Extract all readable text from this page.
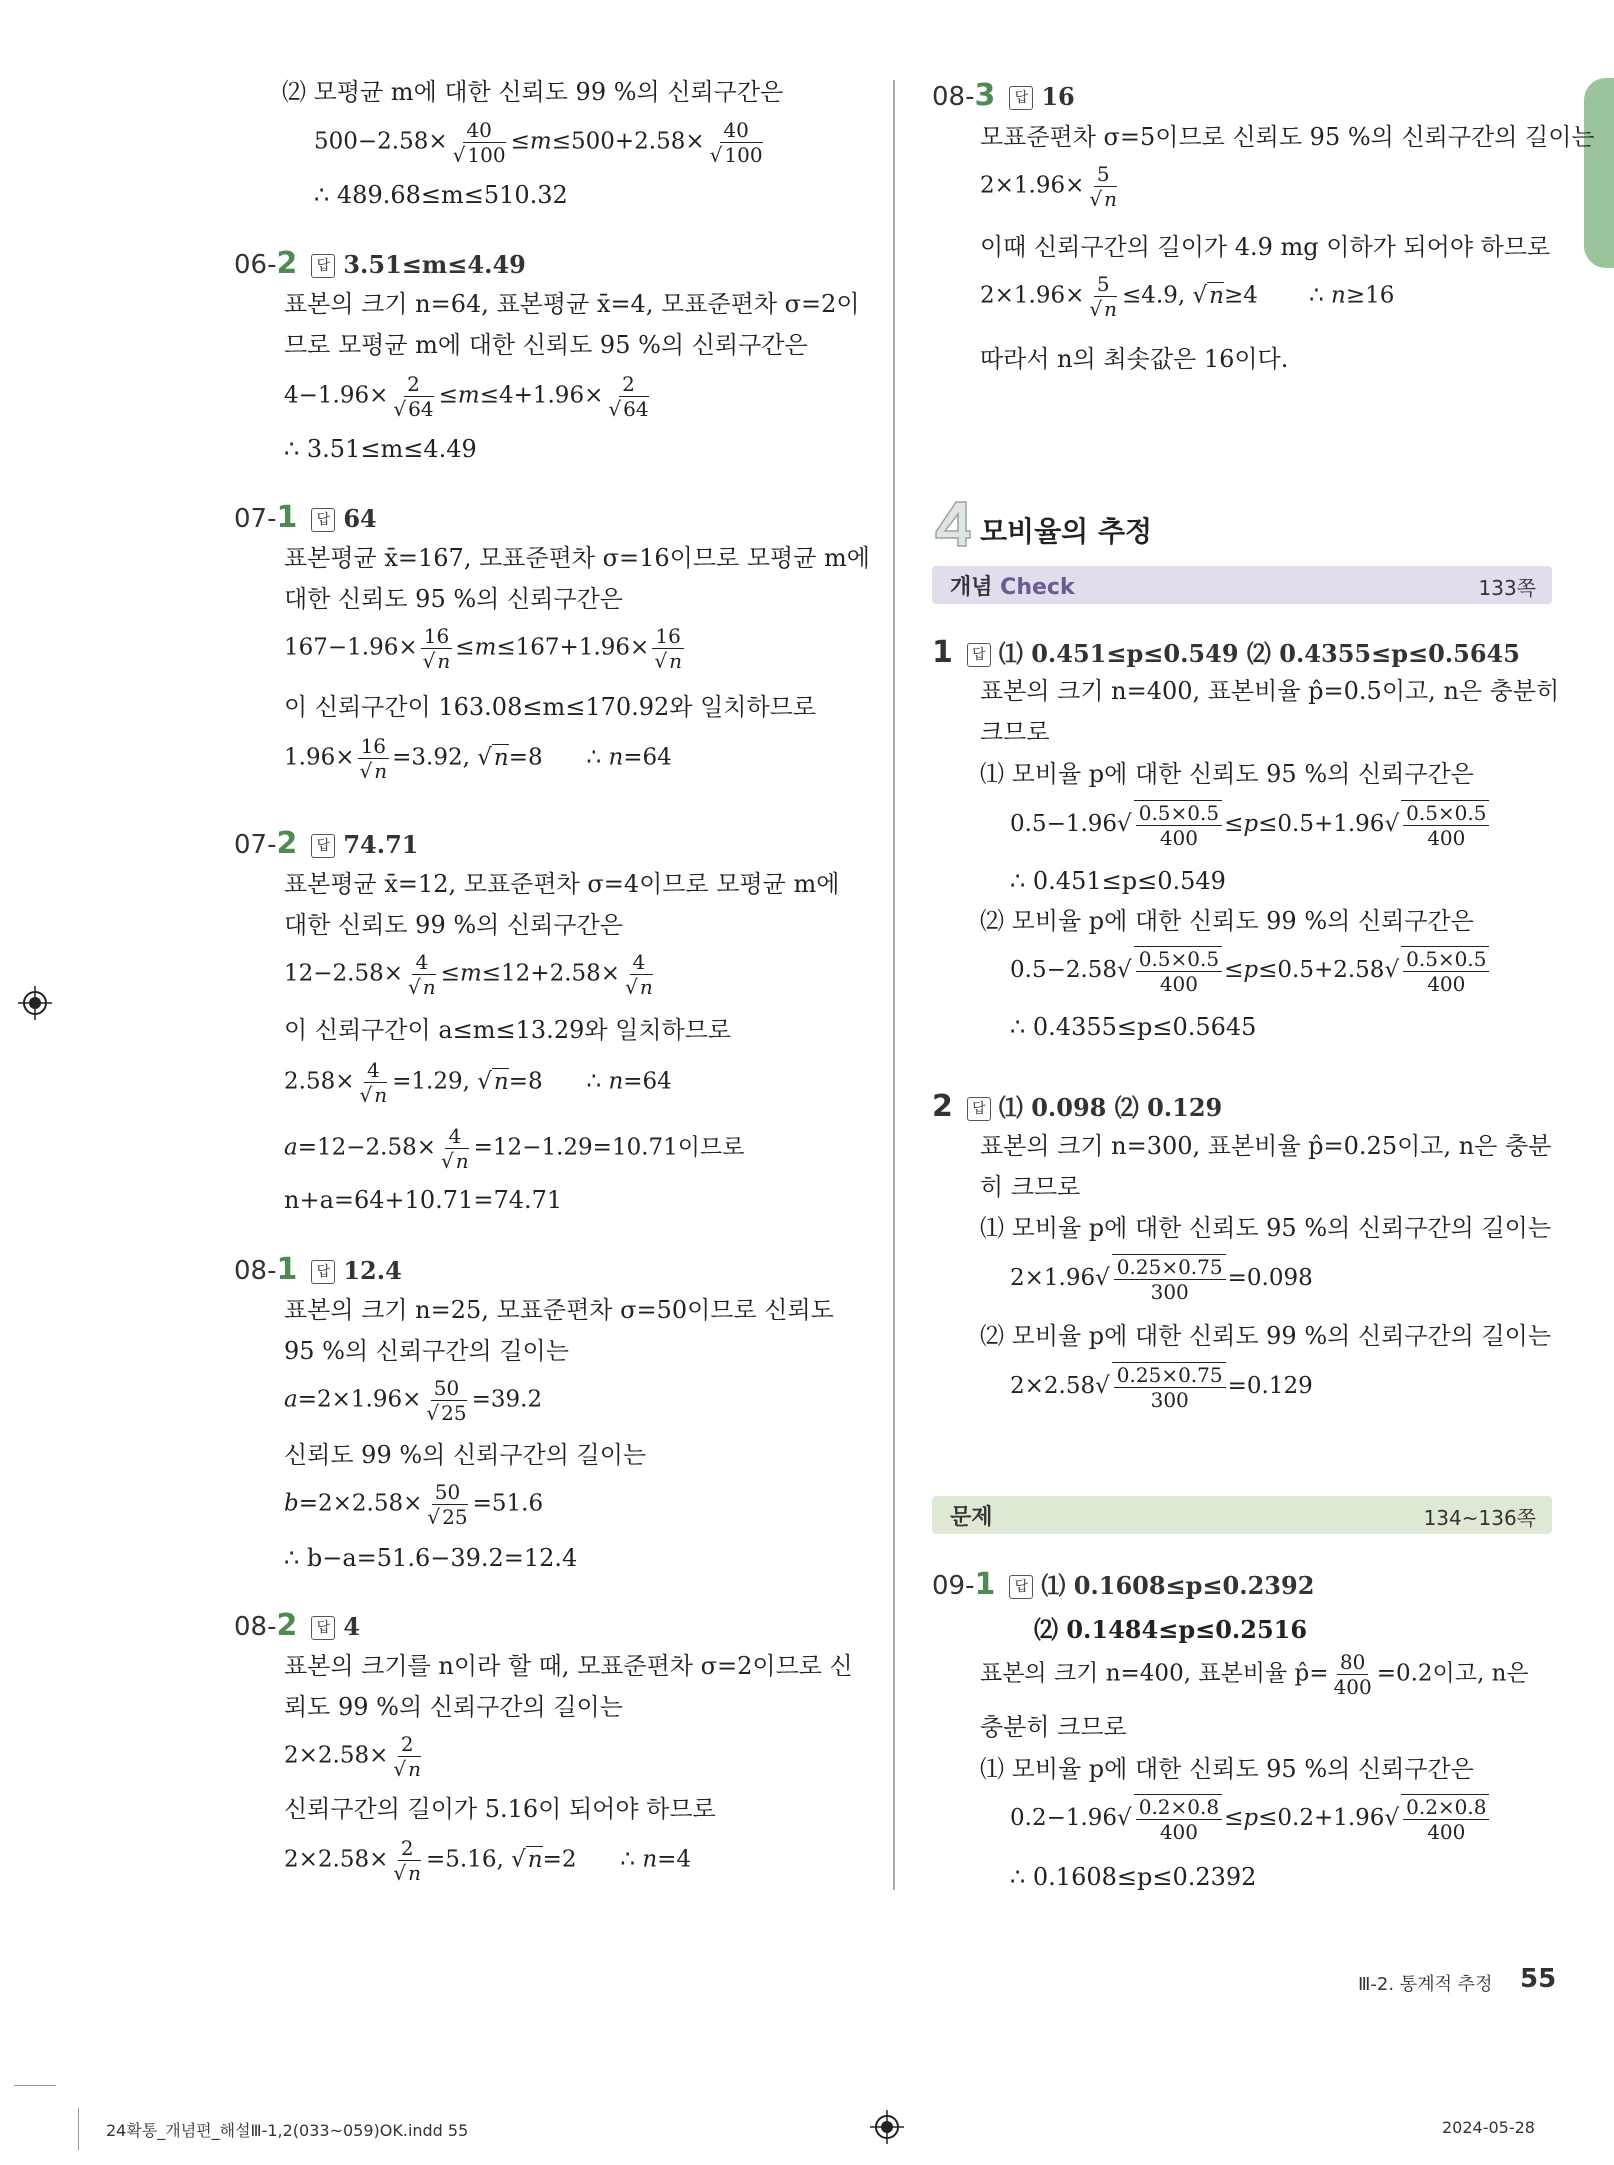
⑵ 모평균 m에 대한 신뢰도 99 %의 신뢰구간은
$500-2.58\times \frac{40}{√ 100} \le m\le 500+2.58\times \frac{40}{√ 100}$
∴ 489.68≤m≤510.32
06-2 답 3.51≤m≤4.49
표본의 크기 n=64, 표본평균 x̄=4, 모표준편차 σ=2이
므로 모평균 m에 대한 신뢰도 95 %의 신뢰구간은
$4-1.96\times \frac{2}{√ 64} \le m\le 4+1.96\times \frac{2}{√ 64}$
∴ 3.51≤m≤4.49
07-1 답 64
표본평균 x̄=167, 모표준편차 σ=16이므로 모평균 m에
대한 신뢰도 95 %의 신뢰구간은
$167-1.96\times \frac{16}{√ n} \le m\le 167+1.96\times \frac{16}{√ n}$
이 신뢰구간이 163.08≤m≤170.92와 일치하므로
$1.96\times \frac{16}{√ n} =3.92$, √n=8      ∴ n=64
07-2 답 74.71
표본평균 x̄=12, 모표준편차 σ=4이므로 모평균 m에
대한 신뢰도 99 %의 신뢰구간은
$12-2.58\times \frac{4}{√ n} \le m\le 12+2.58\times \frac{4}{√ n}$
이 신뢰구간이 a≤m≤13.29와 일치하므로
$2.58\times \frac{4}{√ n} =1.29$, √n=8      ∴ n=64
$a=12-2.58\times \frac{4}{√ n} =12-1.29=10.71$이므로
n+a=64+10.71=74.71
08-1 답 12.4
표본의 크기 n=25, 모표준편차 σ=50이므로 신뢰도
95 %의 신뢰구간의 길이는
$a=2\times 1.96\times \frac{50}{√ 25} =39.2$
신뢰도 99 %의 신뢰구간의 길이는
$b=2\times 2.58\times \frac{50}{√ 25} =51.6$
∴ b−a=51.6−39.2=12.4
08-2 답 4
표본의 크기를 n이라 할 때, 모표준편차 σ=2이므로 신
뢰도 99 %의 신뢰구간의 길이는
$2\times 2.58\times \frac{2}{√ n}$
신뢰구간의 길이가 5.16이 되어야 하므로
$2\times 2.58\times \frac{2}{√ n} =5.16$, √n=2      ∴ n=4
08-3 답 16
모표준편차 σ=5이므로 신뢰도 95 %의 신뢰구간의 길이는
$2\times 1.96\times \frac{5}{√ n}$
이때 신뢰구간의 길이가 4.9 mg 이하가 되어야 하므로
$2\times 1.96\times \frac{5}{√ n} \le 4.9$, √n≥4       ∴ n≥16
따라서 n의 최솟값은 16이다.
모비율의 추정
개념 Check	133쪽
1 답 ⑴ 0.451≤p≤0.549 ⑵ 0.4355≤p≤0.5645
표본의 크기 n=400, 표본비율 p̂=0.5이고, n은 충분히
크므로
⑴ 모비율 p에 대한 신뢰도 95 %의 신뢰구간은
$0.5-1.96√ \frac{0.5\times 0.5}{400} \le p\le 0.5+1.96√ \frac{0.5\times 0.5}{400}$
∴ 0.451≤p≤0.549
⑵ 모비율 p에 대한 신뢰도 99 %의 신뢰구간은
$0.5-2.58√ \frac{0.5\times 0.5}{400} \le p\le 0.5+2.58√ \frac{0.5\times 0.5}{400}$
∴ 0.4355≤p≤0.5645
2 답 ⑴ 0.098 ⑵ 0.129
표본의 크기 n=300, 표본비율 p̂=0.25이고, n은 충분
히 크므로
⑴ 모비율 p에 대한 신뢰도 95 %의 신뢰구간의 길이는
$2\times 1.96√ \frac{0.25\times 0.75}{300} =0.098$
⑵ 모비율 p에 대한 신뢰도 99 %의 신뢰구간의 길이는
$2\times 2.58√ \frac{0.25\times 0.75}{300} =0.129$
문제	134~136쪽
09-1 답 ⑴ 0.1608≤p≤0.2392
⑵ 0.1484≤p≤0.2516
표본의 크기 n=400, 표본비율 p̂= $\frac{80}{400} =0.2$이고, n은
충분히 크므로
⑴ 모비율 p에 대한 신뢰도 95 %의 신뢰구간은
$0.2-1.96√ \frac{0.2\times 0.8}{400} \le p\le 0.2+1.96√ \frac{0.2\times 0.8}{400}$
∴ 0.1608≤p≤0.2392
Ⅲ-2. 통계적 추정 55
24확통_개념편_해설Ⅲ-1,2(033~059)OK.indd 55	2024-05-28
